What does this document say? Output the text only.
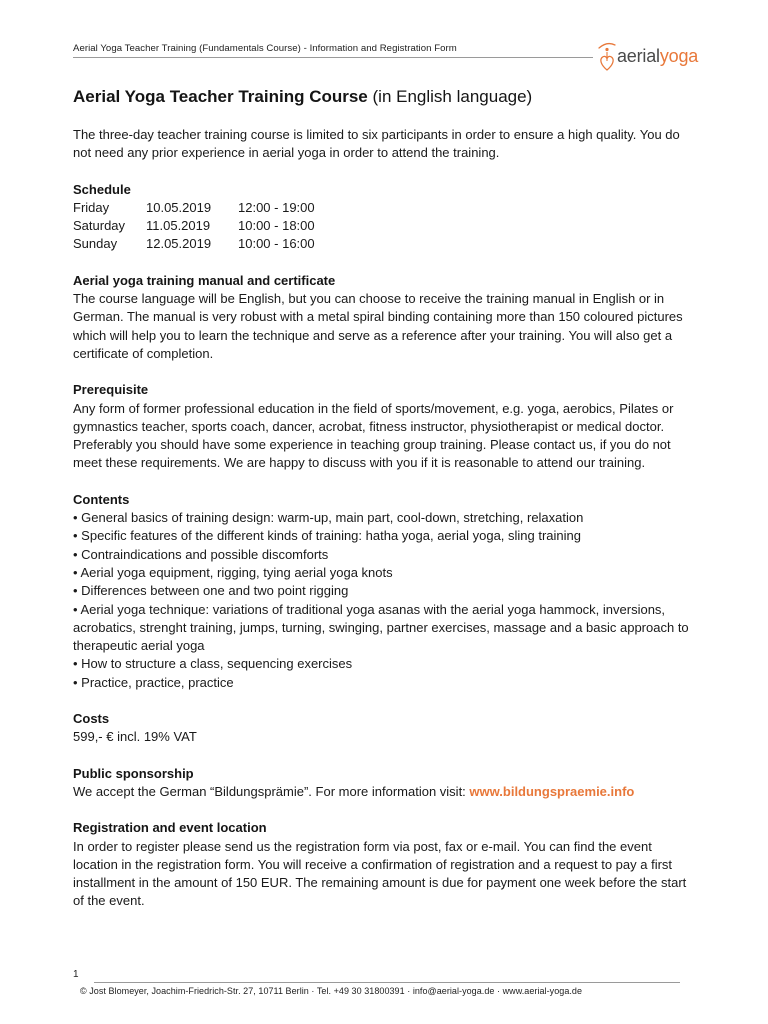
Aerial Yoga Teacher Training (Fundamentals Course) - Information and Registration Form	aerialyoga
Aerial Yoga Teacher Training Course (in English language)

The three-day teacher training course is limited to six participants in order to ensure a high quality. You do not need any prior experience in aerial yoga in order to attend the training.

Schedule
Friday	10.05.2019	12:00 - 19:00
Saturday	11.05.2019	10:00 - 18:00
Sunday	12.05.2019	10:00 - 16:00
Aerial yoga training manual and certificate

The course language will be English, but you can choose to receive the training manual in English or in German. The manual is very robust with a metal spiral binding containing more than 150 coloured pictures which will help you to learn the technique and serve as a reference after your training. You will also get a certificate of completion.

Prerequisite

Any form of former professional education in the field of sports/movement, e.g. yoga, aerobics, Pilates or gymnastics teacher, sports coach, dancer, acrobat, fitness instructor, physiotherapist or medical doctor. Preferably you should have some experience in teaching group training. Please contact us, if you do not meet these requirements. We are happy to discuss with you if it is reasonable to attend our training.

Contents
• General basics of training design: warm-up, main part, cool-down, stretching, relaxation
• Specific features of the different kinds of training: hatha yoga, aerial yoga, sling training
• Contraindications and possible discomforts
• Aerial yoga equipment, rigging, tying aerial yoga knots
• Differences between one and two point rigging
• Aerial yoga technique: variations of traditional yoga asanas with the aerial yoga hammock, inversions, acrobatics, strenght training, jumps, turning, swinging, partner exercises, massage and a basic approach to therapeutic aerial yoga
• How to structure a class, sequencing exercises
• Practice, practice, practice
Costs

599,- € incl. 19% VAT

Public sponsorship

We accept the German “Bildungsprämie”. For more information visit: www.bildungspraemie.info

Registration and event location

In order to register please send us the registration form via post, fax or e-mail. You can find the event location in the registration form. You will receive a confirmation of registration and a request to pay a first installment in the amount of 150 EUR. The remaining amount is due for payment one week before the start of the event.

1
© Jost Blomeyer, Joachim-Friedrich-Str. 27, 10711 Berlin · Tel. +49 30 31800391 · info@aerial-yoga.de · www.aerial-yoga.de
